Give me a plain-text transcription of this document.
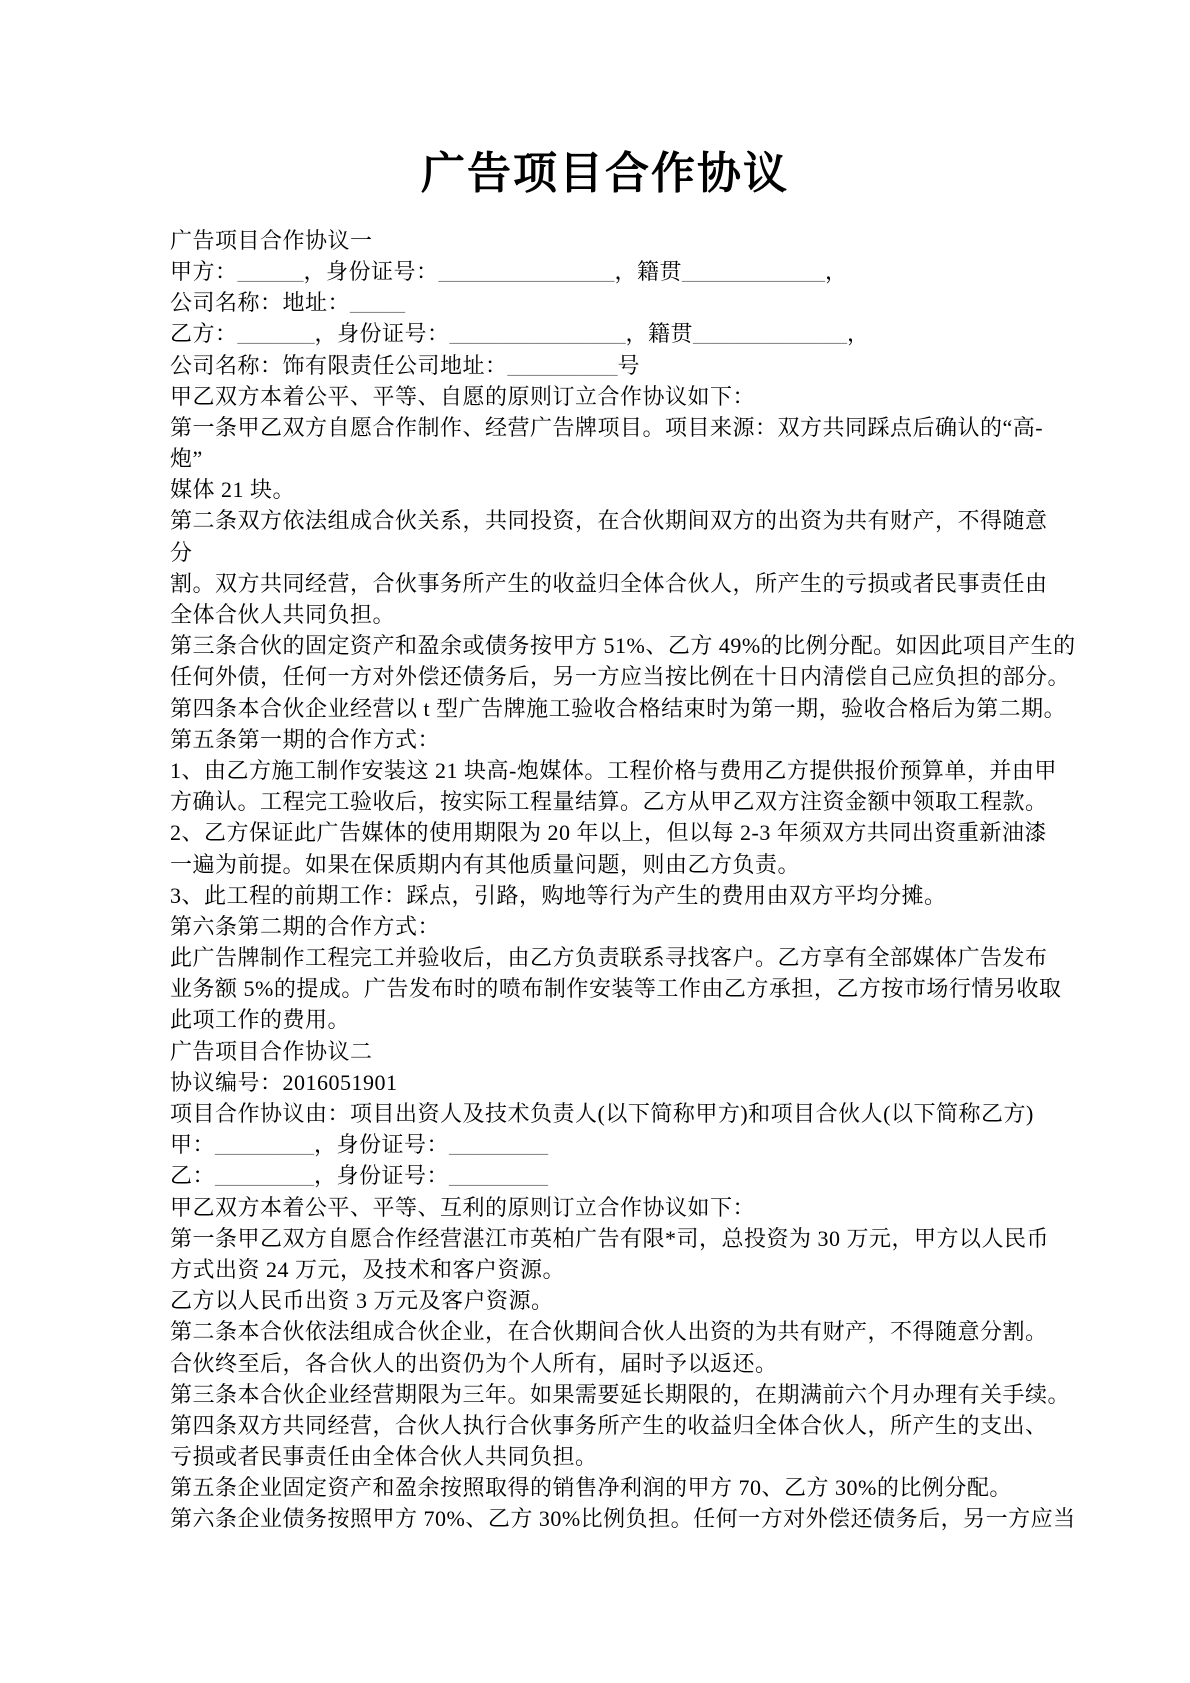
广告项目合作协议

广告项目合作协议一

甲方：______，身份证号：________________，籍贯_____________，

公司名称：地址：_____

乙方：_______，身份证号：________________，籍贯______________，

公司名称：饰有限责任公司地址：__________号

甲乙双方本着公平、平等、自愿的原则订立合作协议如下：

第一条甲乙双方自愿合作制作、经营广告牌项目。项目来源：双方共同踩点后确认的“高-

炮”

媒体 21 块。

第二条双方依法组成合伙关系，共同投资，在合伙期间双方的出资为共有财产，不得随意

分

割。双方共同经营，合伙事务所产生的收益归全体合伙人，所产生的亏损或者民事责任由

全体合伙人共同负担。

第三条合伙的固定资产和盈余或债务按甲方 51%、乙方 49%的比例分配。如因此项目产生的

任何外债，任何一方对外偿还债务后，另一方应当按比例在十日内清偿自己应负担的部分。

第四条本合伙企业经营以 t 型广告牌施工验收合格结束时为第一期，验收合格后为第二期。

第五条第一期的合作方式：

1、由乙方施工制作安装这 21 块高-炮媒体。工程价格与费用乙方提供报价预算单，并由甲

方确认。工程完工验收后，按实际工程量结算。乙方从甲乙双方注资金额中领取工程款。

2、乙方保证此广告媒体的使用期限为 20 年以上，但以每 2-3 年须双方共同出资重新油漆

一遍为前提。如果在保质期内有其他质量问题，则由乙方负责。

3、此工程的前期工作：踩点，引路，购地等行为产生的费用由双方平均分摊。

第六条第二期的合作方式：

此广告牌制作工程完工并验收后，由乙方负责联系寻找客户。乙方享有全部媒体广告发布

业务额 5%的提成。广告发布时的喷布制作安装等工作由乙方承担，乙方按市场行情另收取

此项工作的费用。

广告项目合作协议二

协议编号：2016051901

项目合作协议由：项目出资人及技术负责人(以下简称甲方)和项目合伙人(以下简称乙方)

甲：_________，身份证号：_________

乙：_________，身份证号：_________

甲乙双方本着公平、平等、互利的原则订立合作协议如下：

第一条甲乙双方自愿合作经营湛江市英柏广告有限*司，总投资为 30 万元，甲方以人民币

方式出资 24 万元，及技术和客户资源。

乙方以人民币出资 3 万元及客户资源。

第二条本合伙依法组成合伙企业，在合伙期间合伙人出资的为共有财产，不得随意分割。

合伙终至后，各合伙人的出资仍为个人所有，届时予以返还。

第三条本合伙企业经营期限为三年。如果需要延长期限的，在期满前六个月办理有关手续。

第四条双方共同经营，合伙人执行合伙事务所产生的收益归全体合伙人，所产生的支出、

亏损或者民事责任由全体合伙人共同负担。

第五条企业固定资产和盈余按照取得的销售净利润的甲方 70、乙方 30%的比例分配。

第六条企业债务按照甲方 70%、乙方 30%比例负担。任何一方对外偿还债务后，另一方应当
